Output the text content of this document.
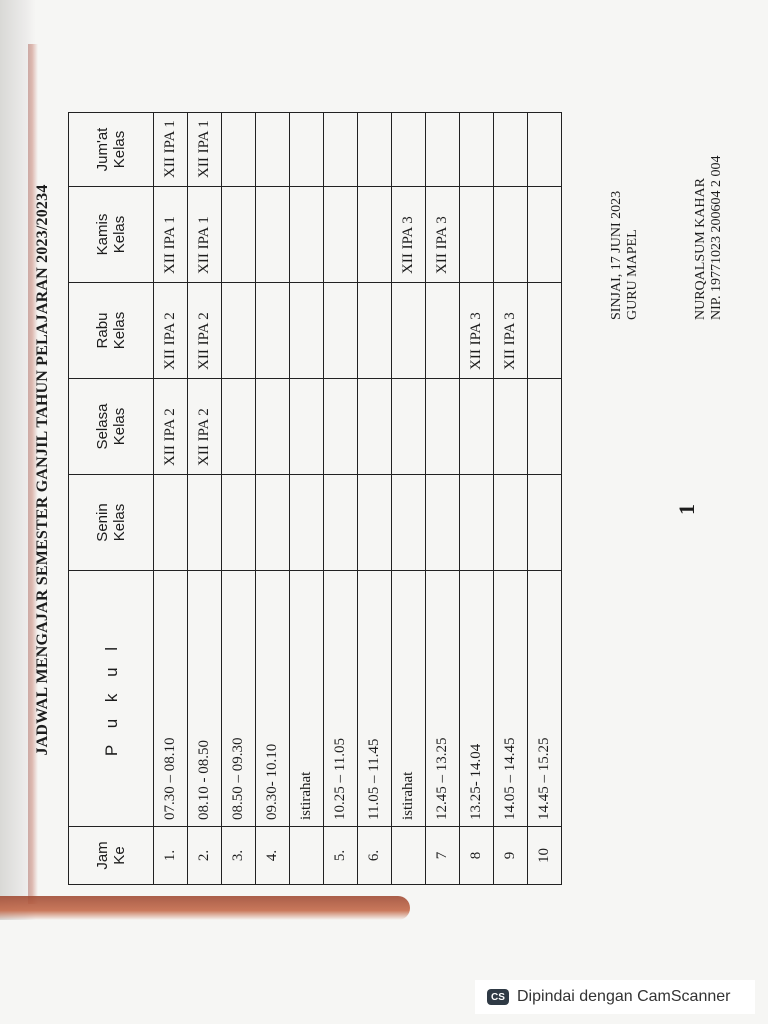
JADWAL MENGAJAR SEMESTER GANJIL TAHUN PELAJARAN 2023/20234
Jam Ke	P u k u l	Senin Kelas	Selasa Kelas	Rabu Kelas	Kamis Kelas	Jum'at Kelas

1.	07.30 – 08.10		XII IPA 2	XII IPA 2	XII IPA 1	XII IPA 1
2.	08.10 - 08.50		XII IPA 2	XII IPA 2	XII IPA 1	XII IPA 1
3.	08.50 – 09.30					
4.	09.30- 10.10					
	istirahat					
5.	10.25 – 11.05					
6.	11.05 – 11.45					
	istirahat				XII IPA 3	
7	12.45 – 13.25				XII IPA 3	
8	13.25- 14.04			XII IPA 3		
9	14.05 – 14.45			XII IPA 3		
10	14.45 – 15.25					
1
SINJAI, 17 JUNI 2023 GURU MAPEL	NURQALSUM KAHAR NIP. 19771023 200604 2 004
CS Dipindai dengan CamScanner
